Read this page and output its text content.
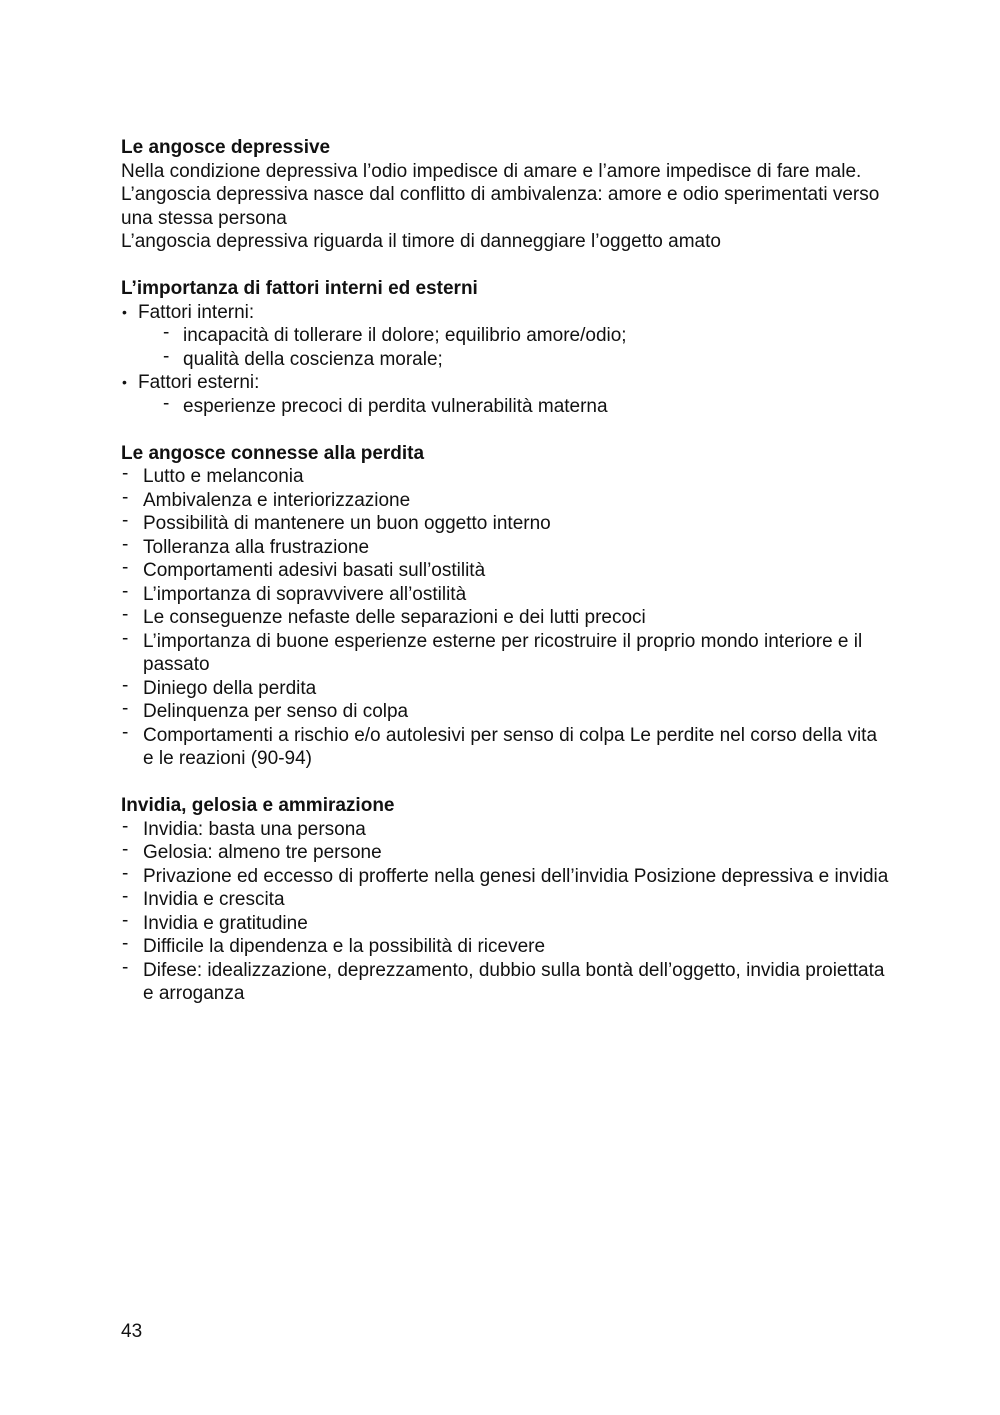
Le angosce depressive

Nella condizione depressiva l’odio impedisce di amare e l’amore impedisce di fare male.

L’angoscia depressiva nasce dal conflitto di ambivalenza: amore e odio sperimentati verso una stessa persona

L’angoscia depressiva riguarda il timore di danneggiare l’oggetto amato

L’importanza di fattori interni ed esterni

• Fattori interni:
- incapacità di tollerare il dolore; equilibrio amore/odio;
- qualità della coscienza morale;
• Fattori esterni:
- esperienze precoci di perdita vulnerabilità materna

Le angosce connesse alla perdita

- Lutto e melanconia
- Ambivalenza e interiorizzazione
- Possibilità di mantenere un buon oggetto interno
- Tolleranza alla frustrazione
- Comportamenti adesivi basati sull’ostilità
- L’importanza di sopravvivere all’ostilità
- Le conseguenze nefaste delle separazioni e dei lutti precoci
- L’importanza di buone esperienze esterne per ricostruire il proprio mondo interiore e il passato
- Diniego della perdita
- Delinquenza per senso di colpa
- Comportamenti a rischio e/o autolesivi per senso di colpa Le perdite nel corso della vita e le reazioni (90-94)

Invidia, gelosia e ammirazione

- Invidia: basta una persona
- Gelosia: almeno tre persone
- Privazione ed eccesso di profferte nella genesi dell’invidia Posizione depressiva e invidia
- Invidia e crescita
- Invidia e gratitudine
- Difficile la dipendenza e la possibilità di ricevere
- Difese: idealizzazione, deprezzamento, dubbio sulla bontà dell’oggetto, invidia proiettata e arroganza
43
